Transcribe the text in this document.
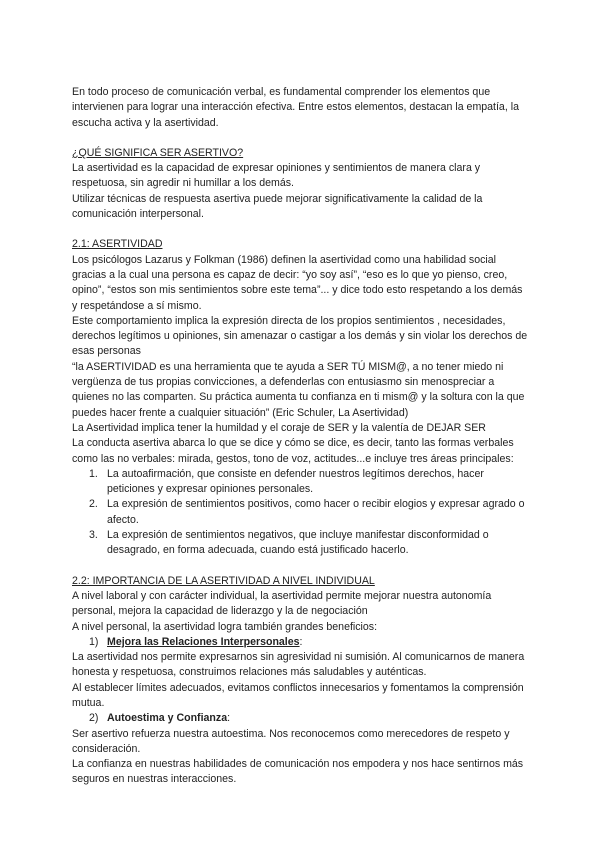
En todo proceso de comunicación verbal, es fundamental comprender los elementos que intervienen para lograr una interacción efectiva. Entre estos elementos, destacan la empatía, la escucha activa y la asertividad.

¿QUÉ SIGNIFICA SER ASERTIVO?

La asertividad es la capacidad de expresar opiniones y sentimientos de manera clara y respetuosa, sin agredir ni humillar a los demás.

Utilizar técnicas de respuesta asertiva puede mejorar significativamente la calidad de la comunicación interpersonal.

2.1: ASERTIVIDAD

Los psicólogos Lazarus y Folkman (1986) definen la asertividad como una habilidad social gracias a la cual una persona es capaz de decir: “yo soy así”, “eso es lo que yo pienso, creo, opino”, “estos son mis sentimientos sobre este tema”... y dice todo esto respetando a los demás y respetándose a sí mismo.

Este comportamiento implica la expresión directa de los propios sentimientos , necesidades, derechos legítimos u opiniones, sin amenazar o castigar a los demás y sin violar los derechos de esas personas

“la ASERTIVIDAD es una herramienta que te ayuda a SER TÚ MISM@, a no tener miedo ni vergüenza de tus propias convicciones, a defenderlas con entusiasmo sin menospreciar a quienes no las comparten. Su práctica aumenta tu confianza en ti mism@ y la soltura con la que puedes hacer frente a cualquier situación” (Eric Schuler, La Asertividad)

La Asertividad implica tener la humildad y el coraje de SER y la valentía de DEJAR SER

La conducta asertiva abarca lo que se dice y cómo se dice, es decir, tanto las formas verbales como las no verbales: mirada, gestos, tono de voz, actitudes...e incluye tres áreas principales:

1. La autoafirmación, que consiste en defender nuestros legítimos derechos, hacer peticiones y expresar opiniones personales.
2. La expresión de sentimientos positivos, como hacer o recibir elogios y expresar agrado o afecto.
3. La expresión de sentimientos negativos, que incluye manifestar disconformidad o desagrado, en forma adecuada, cuando está justificado hacerlo.

2.2: IMPORTANCIA DE LA ASERTIVIDAD A NIVEL INDIVIDUAL

A nivel laboral y con carácter individual, la asertividad permite mejorar nuestra autonomía personal, mejora la capacidad de liderazgo y la de negociación

A nivel personal, la asertividad logra también grandes beneficios:

1) Mejora las Relaciones Interpersonales:

La asertividad nos permite expresarnos sin agresividad ni sumisión. Al comunicarnos de manera honesta y respetuosa, construimos relaciones más saludables y auténticas.

Al establecer límites adecuados, evitamos conflictos innecesarios y fomentamos la comprensión mutua.

2) Autoestima y Confianza:

Ser asertivo refuerza nuestra autoestima. Nos reconocemos como merecedores de respeto y consideración.

La confianza en nuestras habilidades de comunicación nos empodera y nos hace sentirnos más seguros en nuestras interacciones.
